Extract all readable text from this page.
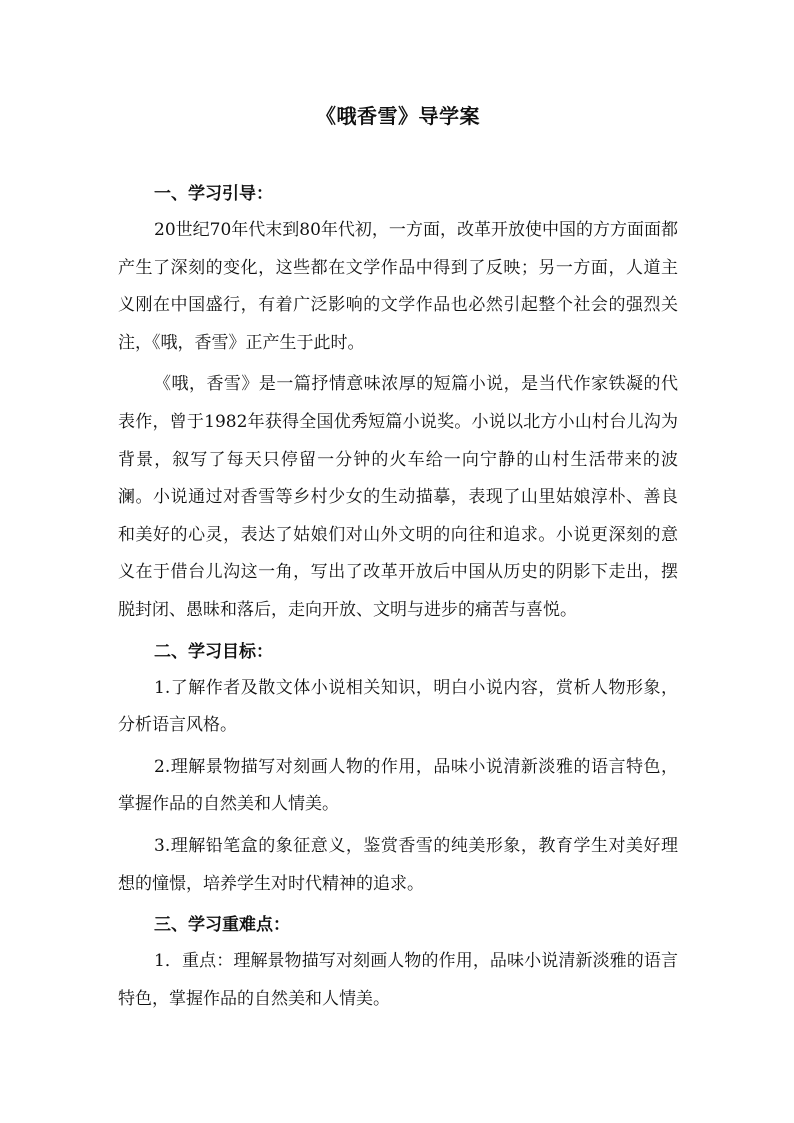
《哦香雪》导学案
一、学习引导：

20世纪70年代末到80年代初，一方面，改革开放使中国的方方面面都产生了深刻的变化，这些都在文学作品中得到了反映；另一方面，人道主义刚在中国盛行，有着广泛影响的文学作品也必然引起整个社会的强烈关注，《哦，香雪》正产生于此时。

《哦，香雪》是一篇抒情意味浓厚的短篇小说，是当代作家铁凝的代表作，曾于1982年获得全国优秀短篇小说奖。小说以北方小山村台儿沟为背景，叙写了每天只停留一分钟的火车给一向宁静的山村生活带来的波澜。小说通过对香雪等乡村少女的生动描摹，表现了山里姑娘淳朴、善良和美好的心灵，表达了姑娘们对山外文明的向往和追求。小说更深刻的意义在于借台儿沟这一角，写出了改革开放后中国从历史的阴影下走出，摆脱封闭、愚昧和落后，走向开放、文明与进步的痛苦与喜悦。

二、学习目标：

1.了解作者及散文体小说相关知识，明白小说内容，赏析人物形象，分析语言风格。

2.理解景物描写对刻画人物的作用，品味小说清新淡雅的语言特色，掌握作品的自然美和人情美。

3.理解铅笔盒的象征意义，鉴赏香雪的纯美形象，教育学生对美好理想的憧憬，培养学生对时代精神的追求。

三、学习重难点：

1．重点：理解景物描写对刻画人物的作用，品味小说清新淡雅的语言特色，掌握作品的自然美和人情美。
